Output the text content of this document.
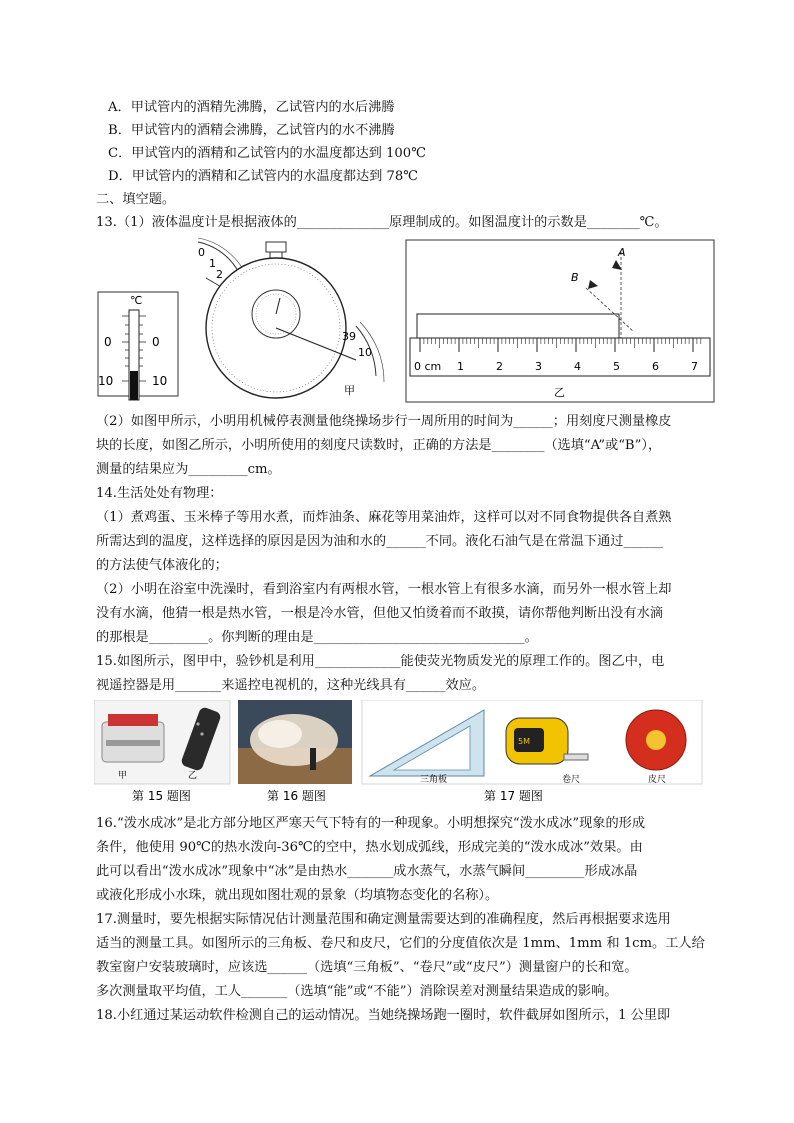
A．甲试管内的酒精先沸腾，乙试管内的水后沸腾
B．甲试管内的酒精会沸腾，乙试管内的水不沸腾
C．甲试管内的酒精和乙试管内的水温度都达到 100℃
D．甲试管内的酒精和乙试管内的水温度都达到 78℃
二、填空题。
13.（1）液体温度计是根据液体的______________原理制成的。如图温度计的示数是________℃。
℃
0	0
10	10
0
1
2
39
10
甲
A
B
0 cm 1	2	3	4	5	6	7
乙
（2）如图甲所示，小明用机械停表测量他绕操场步行一周所用的时间为______；用刻度尺测量橡皮
块的长度，如图乙所示，小明所使用的刻度尺读数时，正确的方法是________（选填“A”或“B”），
测量的结果应为_________cm。
14.生活处处有物理：
（1）煮鸡蛋、玉米棒子等用水煮，而炸油条、麻花等用菜油炸，这样可以对不同食物提供各自煮熟
所需达到的温度，这样选择的原因是因为油和水的______不同。液化石油气是在常温下通过______
的方法使气体液化的；
（2）小明在浴室中洗澡时，看到浴室内有两根水管，一根水管上有很多水滴，而另外一根水管上却
没有水滴，他猜一根是热水管，一根是冷水管，但他又怕烫着而不敢摸，请你帮他判断出没有水滴
的那根是_________。你判断的理由是________________________________。
15.如图所示，图甲中，验钞机是利用_____________能使荧光物质发光的原理工作的。图乙中，电
视遥控器是用_______来遥控电视机的，这种光线具有______效应。
甲	乙
第 15 题图	第 16 题图
三角板
5M
卷尺	皮尺
第 17 题图
16.“泼水成冰”是北方部分地区严寒天气下特有的一种现象。小明想探究“泼水成冰”现象的形成
条件，他使用 90℃的热水泼向-36℃的空中，热水划成弧线，形成完美的“泼水成冰”效果。由
此可以看出“泼水成冰”现象中“冰”是由热水_______成水蒸气，水蒸气瞬间_________形成冰晶
或液化形成小水珠，就出现如图壮观的景象（均填物态变化的名称）。
17.测量时，要先根据实际情况估计测量范围和确定测量需要达到的准确程度，然后再根据要求选用
适当的测量工具。如图所示的三角板、卷尺和皮尺，它们的分度值依次是 1mm、1mm 和 1cm。工人给
教室窗户安装玻璃时，应该选______（选填“三角板”、“卷尺”或“皮尺”）测量窗户的长和宽。
多次测量取平均值，工人_______（选填“能”或“不能”）消除误差对测量结果造成的影响。
18.小红通过某运动软件检测自己的运动情况。当她绕操场跑一圈时，软件截屏如图所示，1 公里即
